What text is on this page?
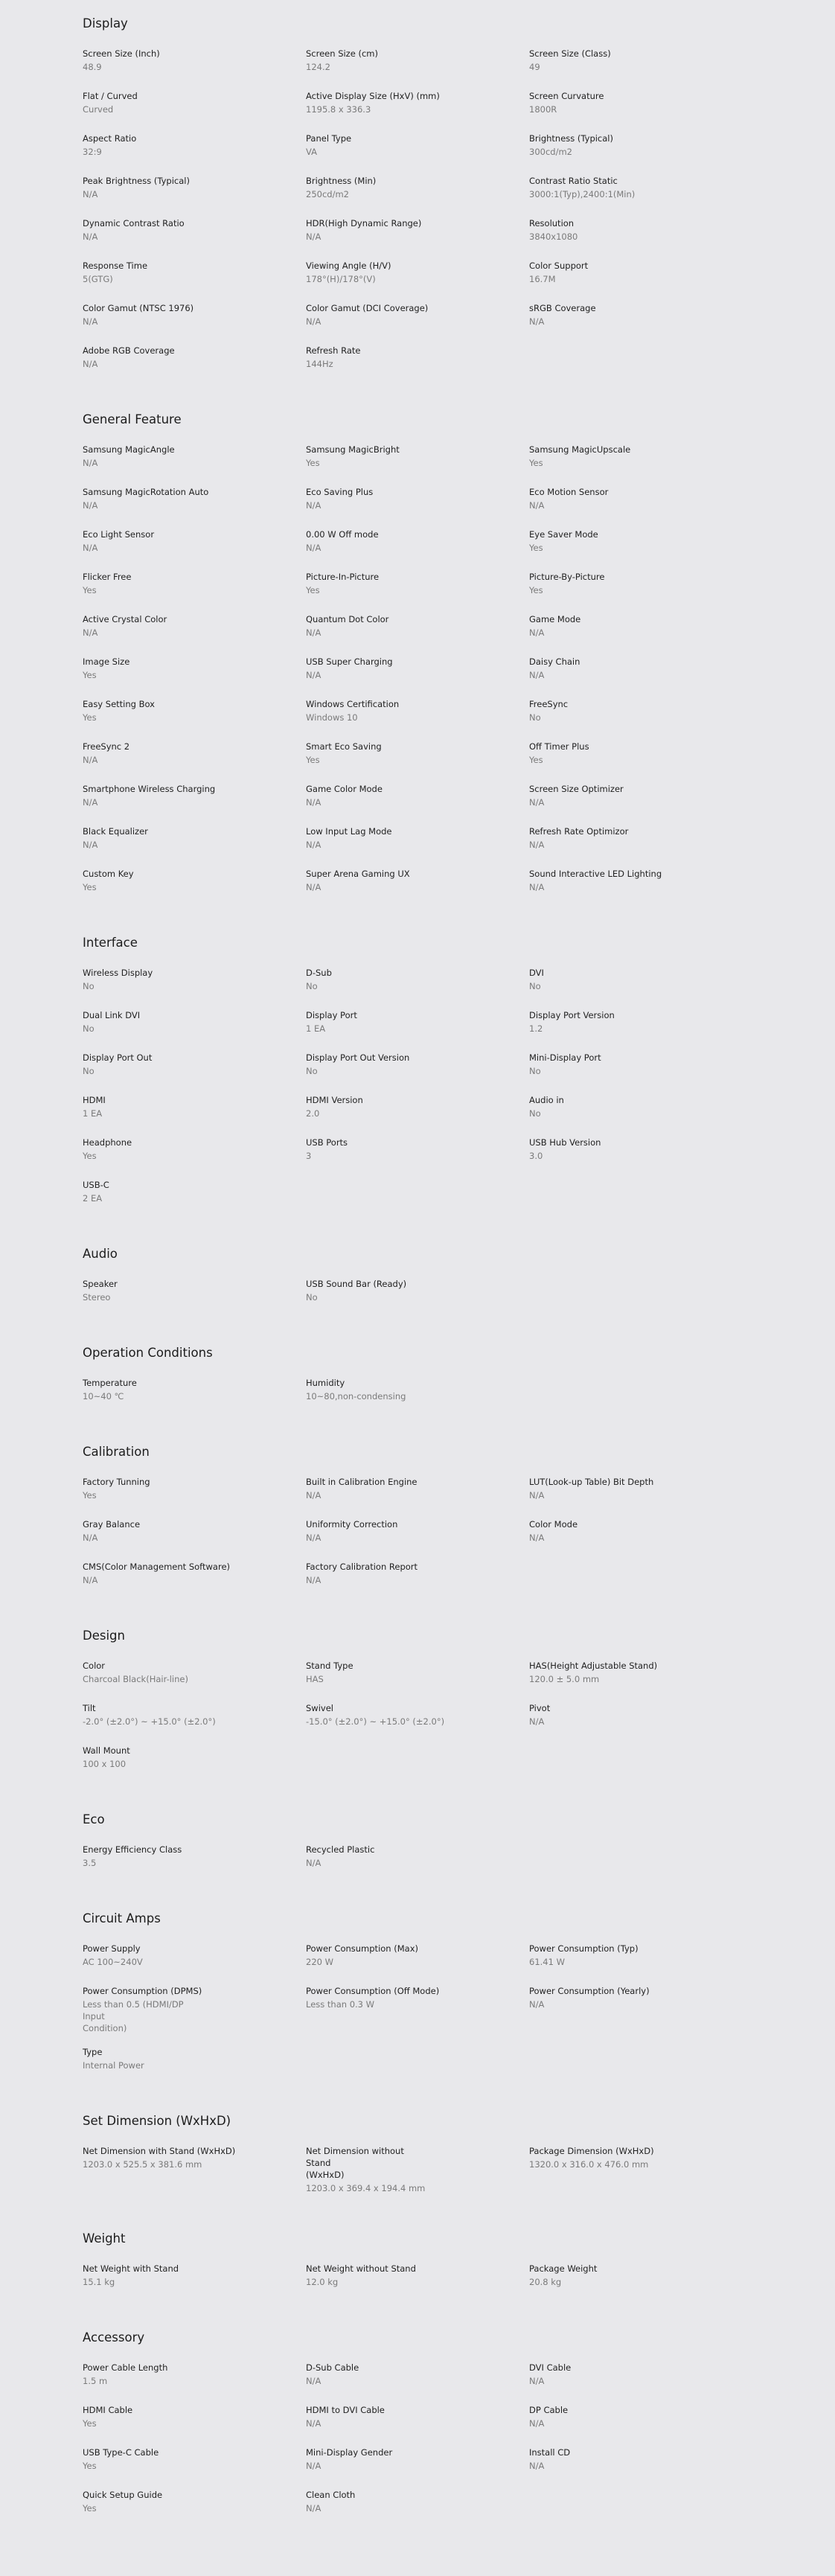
Display
Screen Size (Inch)
48.9
Screen Size (cm)
124.2
Screen Size (Class)
49
Flat / Curved
Curved
Active Display Size (HxV) (mm)
1195.8 x 336.3
Screen Curvature
1800R
Aspect Ratio
32:9
Panel Type
VA
Brightness (Typical)
300cd/m2
Peak Brightness (Typical)
N/A
Brightness (Min)
250cd/m2
Contrast Ratio Static
3000:1(Typ),2400:1(Min)
Dynamic Contrast Ratio
N/A
HDR(High Dynamic Range)
N/A
Resolution
3840x1080
Response Time
5(GTG)
Viewing Angle (H/V)
178°(H)/178°(V)
Color Support
16.7M
Color Gamut (NTSC 1976)
N/A
Color Gamut (DCI Coverage)
N/A
sRGB Coverage
N/A
Adobe RGB Coverage
N/A
Refresh Rate
144Hz
General Feature
Samsung MagicAngle
N/A
Samsung MagicBright
Yes
Samsung MagicUpscale
Yes
Samsung MagicRotation Auto
N/A
Eco Saving Plus
N/A
Eco Motion Sensor
N/A
Eco Light Sensor
N/A
0.00 W Off mode
N/A
Eye Saver Mode
Yes
Flicker Free
Yes
Picture-In-Picture
Yes
Picture-By-Picture
Yes
Active Crystal Color
N/A
Quantum Dot Color
N/A
Game Mode
N/A
Image Size
Yes
USB Super Charging
N/A
Daisy Chain
N/A
Easy Setting Box
Yes
Windows Certification
Windows 10
FreeSync
No
FreeSync 2
N/A
Smart Eco Saving
Yes
Off Timer Plus
Yes
Smartphone Wireless Charging
N/A
Game Color Mode
N/A
Screen Size Optimizer
N/A
Black Equalizer
N/A
Low Input Lag Mode
N/A
Refresh Rate Optimizor
N/A
Custom Key
Yes
Super Arena Gaming UX
N/A
Sound Interactive LED Lighting
N/A
Interface
Wireless Display
No
D-Sub
No
DVI
No
Dual Link DVI
No
Display Port
1 EA
Display Port Version
1.2
Display Port Out
No
Display Port Out Version
No
Mini-Display Port
No
HDMI
1 EA
HDMI Version
2.0
Audio in
No
Headphone
Yes
USB Ports
3
USB Hub Version
3.0
USB-C
2 EA
Audio
Speaker
Stereo
USB Sound Bar (Ready)
No
Operation Conditions
Temperature
10~40 ℃
Humidity
10~80,non-condensing
Calibration
Factory Tunning
Yes
Built in Calibration Engine
N/A
LUT(Look-up Table) Bit Depth
N/A
Gray Balance
N/A
Uniformity Correction
N/A
Color Mode
N/A
CMS(Color Management Software)
N/A
Factory Calibration Report
N/A
Design
Color
Charcoal Black(Hair-line)
Stand Type
HAS
HAS(Height Adjustable Stand)
120.0 ± 5.0 mm
Tilt
-2.0° (±2.0°) ~ +15.0° (±2.0°)
Swivel
-15.0° (±2.0°) ~ +15.0° (±2.0°)
Pivot
N/A
Wall Mount
100 x 100
Eco
Energy Efficiency Class
3.5
Recycled Plastic
N/A
Circuit Amps
Power Supply
AC 100~240V
Power Consumption (Max)
220 W
Power Consumption (Typ)
61.41 W
Power Consumption (DPMS)
Less than 0.5 (HDMI/DP Input
Condition)
Power Consumption (Off Mode)
Less than 0.3 W
Power Consumption (Yearly)
N/A
Type
Internal Power
Set Dimension (WxHxD)
Net Dimension with Stand (WxHxD)
1203.0 x 525.5 x 381.6 mm
Net Dimension without Stand
(WxHxD)
1203.0 x 369.4 x 194.4 mm
Package Dimension (WxHxD)
1320.0 x 316.0 x 476.0 mm
Weight
Net Weight with Stand
15.1 kg
Net Weight without Stand
12.0 kg
Package Weight
20.8 kg
Accessory
Power Cable Length
1.5 m
D-Sub Cable
N/A
DVI Cable
N/A
HDMI Cable
Yes
HDMI to DVI Cable
N/A
DP Cable
N/A
USB Type-C Cable
Yes
Mini-Display Gender
N/A
Install CD
N/A
Quick Setup Guide
Yes
Clean Cloth
N/A
